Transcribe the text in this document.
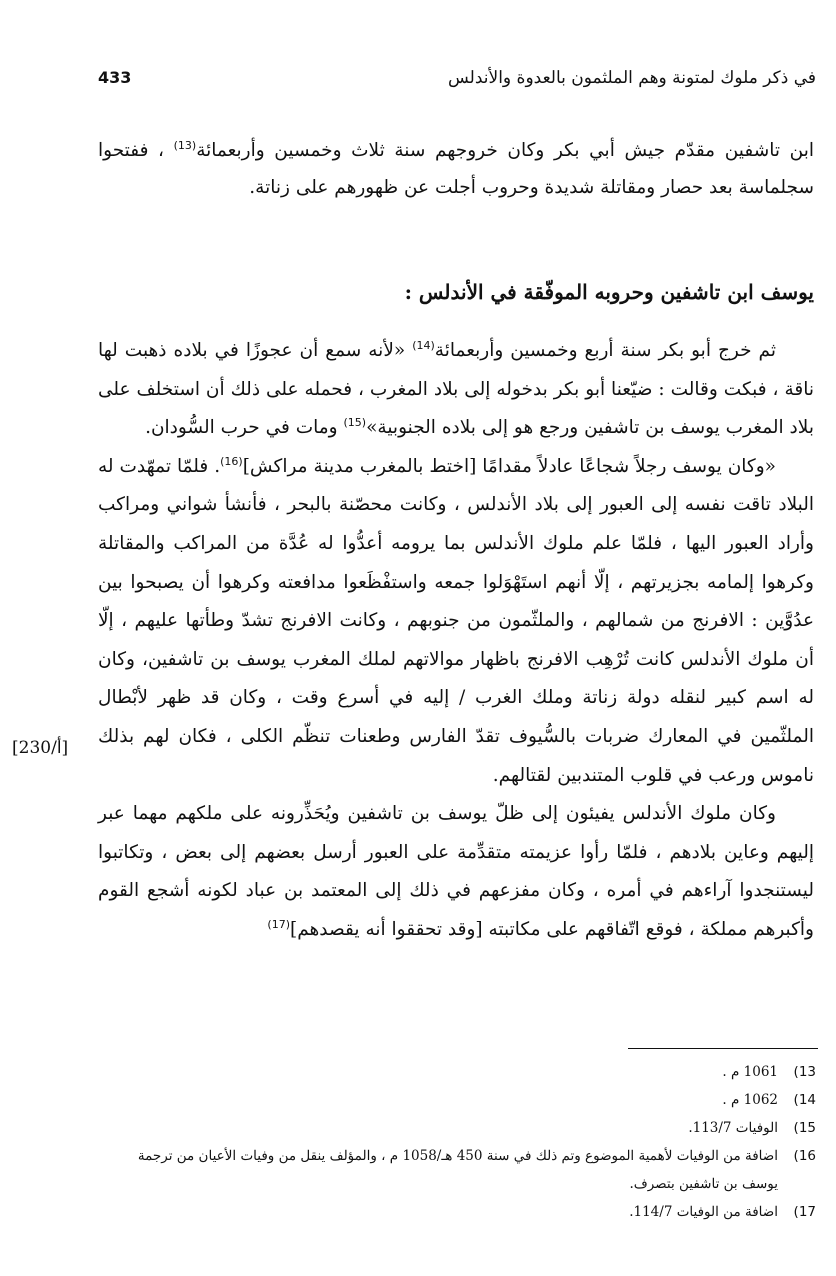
في ذكر ملوك لمتونة وهم الملثمون بالعدوة والأندلس
433
ابن تاشفين مقدّم جيش أبي بكر وكان خروجهم سنة ثلاث وخمسين وأربعمائة$^{(13)}$ ، ففتحوا سجلماسة بعد حصار ومقاتلة شديدة وحروب أجلت عن ظهورهم على زناتة.
يوسف ابن تاشفين وحروبه الموفّقة في الأندلس :

ثم خرج أبو بكر سنة أربع وخمسين وأربعمائة$^{(14)}$ «لأنه سمع أن عجوزًا في بلاده ذهبت لها ناقة ، فبكت وقالت : ضيّعنا أبو بكر بدخوله إلى بلاد المغرب ، فحمله على ذلك أن استخلف على بلاد المغرب يوسف بن تاشفين ورجع هو إلى بلاده الجنوبية»$^{(15)}$ ومات في حرب السُّودان.

«وكان يوسف رجلاً شجاعًا عادلاً مقدامًا [اختط بالمغرب مدينة مراكش]$^{(16)}$. فلمّا تمهّدت له البلاد تاقت نفسه إلى العبور إلى بلاد الأندلس ، وكانت محصّنة بالبحر ، فأنشأ شواني ومراكب وأراد العبور اليها ، فلمّا علم ملوك الأندلس بما يرومه أعدُّوا له عُدَّة من المراكب والمقاتلة وكرهوا إلمامه بجزيرتهم ، إلّا أنهم استَهْوَلوا جمعه واستفْظَعوا مدافعته وكرهوا أن يصبحوا بين عدُوَّين : الافرنج من شمالهم ، والملثّمون من جنوبهم ، وكانت الافرنج تشدّ وطأتها عليهم ، إلّا أن ملوك الأندلس كانت تُرْهِب الافرنج باظهار موالاتهم لملك المغرب يوسف بن تاشفين، وكان له اسم كبير لنقله دولة زناتة وملك الغرب / إليه في أسرع وقت ، وكان قد ظهر لأبْطال الملثّمين في المعارك ضربات بالسُّيوف تقدّ الفارس وطعنات تنظّم الكلى ، فكان لهم بذلك ناموس ورعب في قلوب المتندبين لقتالهم.

وكان ملوك الأندلس يفيئون إلى ظلّ يوسف بن تاشفين ويُحَذِّرونه على ملكهم مهما عبر إليهم وعاين بلادهم ، فلمّا رأوا عزيمته متقدِّمة على العبور أرسل بعضهم إلى بعض ، وتكاتبوا ليستنجدوا آراءهم في أمره ، وكان مفزعهم في ذلك إلى المعتمد بن عباد لكونه أشجع القوم وأكبرهم مملكة ، فوقع اتّفاقهم على مكاتبته [وقد تحققوا أنه يقصدهم]$^{(17)}$

[230/أ]
(13
1061 م .
(14
1062 م .
(15
الوفيات 113/7.
(16
اضافة من الوفيات لأهمية الموضوع وتم ذلك في سنة 450 هـ/1058 م ، والمؤلف ينقل من وفيات الأعيان من ترجمة يوسف بن تاشفين بتصرف.
(17
اضافة من الوفيات 114/7.
